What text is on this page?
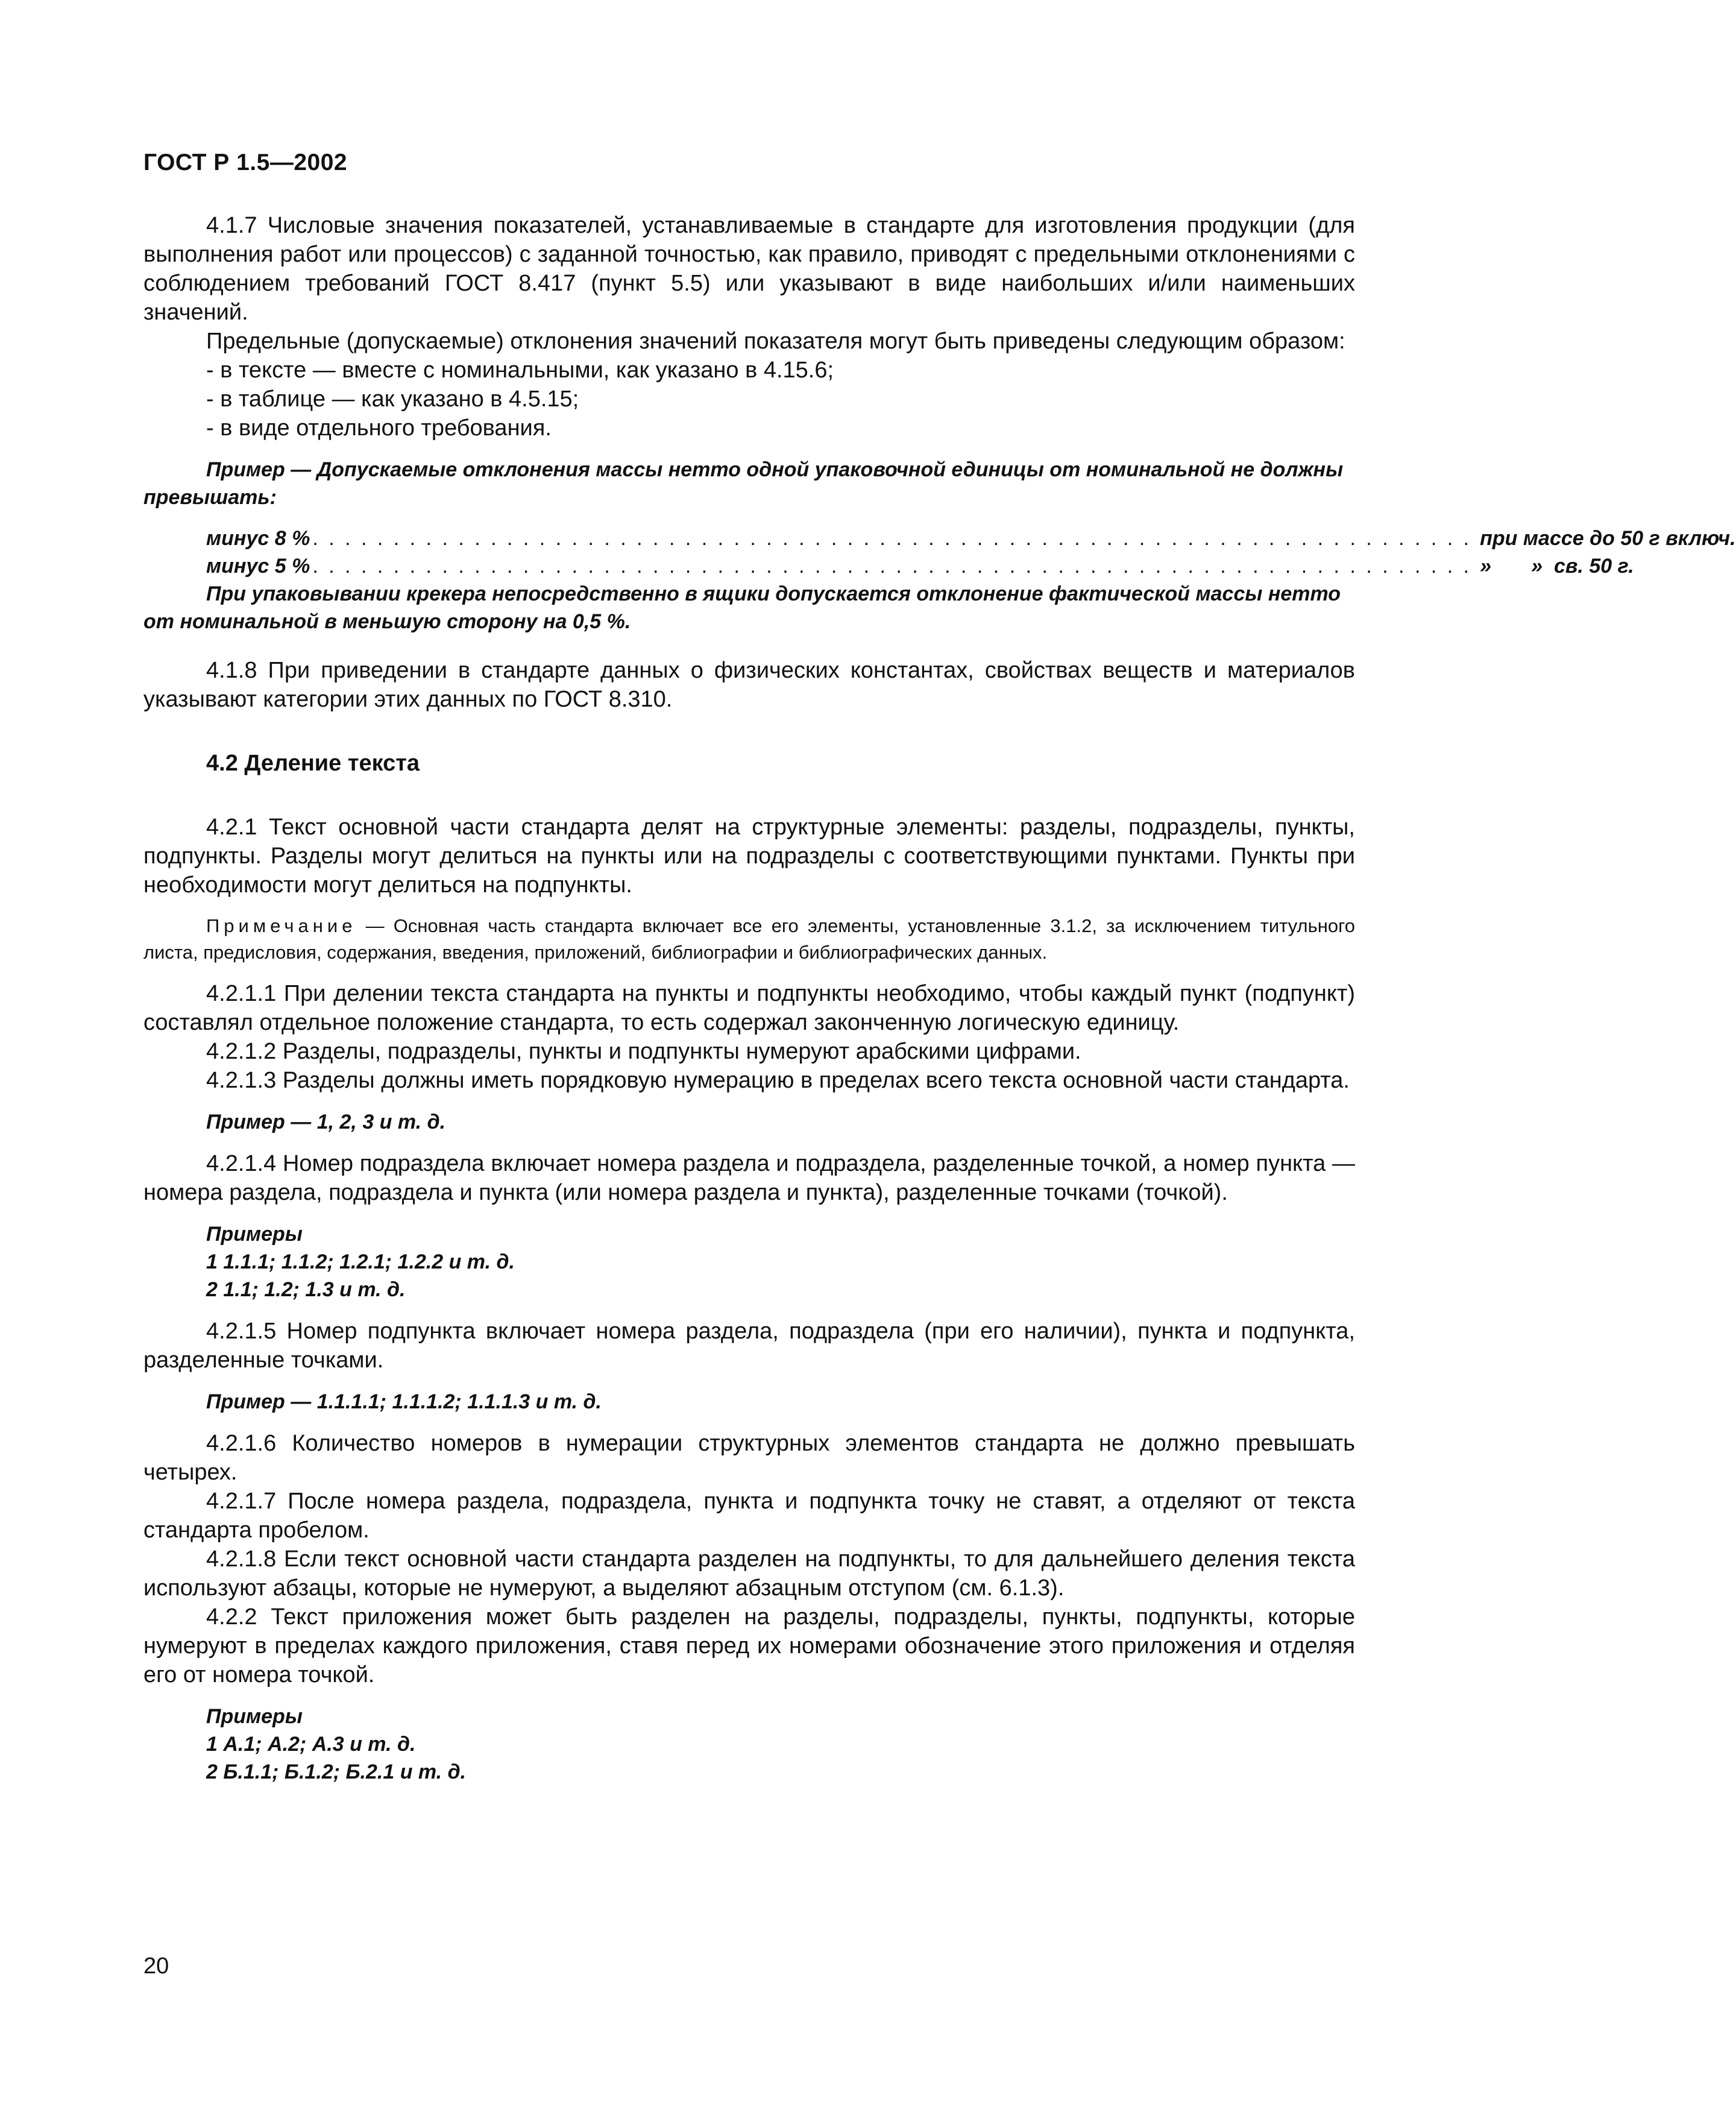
ГОСТ Р 1.5—2002

4.1.7 Числовые значения показателей, устанавливаемые в стандарте для изготовления продукции (для выполнения работ или процессов) с заданной точностью, как правило, приводят с предельными отклонениями с соблюдением требований ГОСТ 8.417 (пункт 5.5) или указывают в виде наибольших и/или наименьших значений.

Предельные (допускаемые) отклонения значений показателя могут быть приведены следующим образом:

- в тексте — вместе с номинальными, как указано в 4.15.6;

- в таблице — как указано в 4.5.15;

- в виде отдельного требования.

Пример — Допускаемые отклонения массы нетто одной упаковочной единицы от номинальной не должны превышать:

минус 8 % . . . . . . . . . . . . . . . . . . . . . . . . . . . . . . . . . . . . . . . . . . . . . . . . . . . . . . . . . . . . . . . . . . . . . . . . при массе до 50 г включ.
минус 5 % . . . . . . . . . . . . . . . . . . . . . . . . . . . . . . . . . . . . . . . . . . . . . . . . . . . . . . . . . . . . . . . . . . . . . . . . »       »  св. 50 г.

При упаковывании крекера непосредственно в ящики допускается отклонение фактической массы нетто от номинальной в меньшую сторону на 0,5 %.

4.1.8 При приведении в стандарте данных о физических константах, свойствах веществ и материалов указывают категории этих данных по ГОСТ 8.310.

4.2 Деление текста

4.2.1 Текст основной части стандарта делят на структурные элементы: разделы, подразделы, пункты, подпункты. Разделы могут делиться на пункты или на подразделы с соответствующими пунктами. Пункты при необходимости могут делиться на подпункты.

Примечание — Основная часть стандарта включает все его элементы, установленные 3.1.2, за исключением титульного листа, предисловия, содержания, введения, приложений, библиографии и библиографических данных.

4.2.1.1 При делении текста стандарта на пункты и подпункты необходимо, чтобы каждый пункт (подпункт) составлял отдельное положение стандарта, то есть содержал законченную логическую единицу.

4.2.1.2 Разделы, подразделы, пункты и подпункты нумеруют арабскими цифрами.

4.2.1.3 Разделы должны иметь порядковую нумерацию в пределах всего текста основной части стандарта.

Пример — 1, 2, 3 и т. д.

4.2.1.4 Номер подраздела включает номера раздела и подраздела, разделенные точкой, а номер пункта — номера раздела, подраздела и пункта (или номера раздела и пункта), разделенные точками (точкой).

Примеры

1 1.1.1; 1.1.2; 1.2.1; 1.2.2 и т. д.

2 1.1; 1.2; 1.3 и т. д.

4.2.1.5 Номер подпункта включает номера раздела, подраздела (при его наличии), пункта и подпункта, разделенные точками.

Пример — 1.1.1.1; 1.1.1.2; 1.1.1.3 и т. д.

4.2.1.6 Количество номеров в нумерации структурных элементов стандарта не должно превышать четырех.

4.2.1.7 После номера раздела, подраздела, пункта и подпункта точку не ставят, а отделяют от текста стандарта пробелом.

4.2.1.8 Если текст основной части стандарта разделен на подпункты, то для дальнейшего деления текста используют абзацы, которые не нумеруют, а выделяют абзацным отступом (см. 6.1.3).

4.2.2 Текст приложения может быть разделен на разделы, подразделы, пункты, подпункты, которые нумеруют в пределах каждого приложения, ставя перед их номерами обозначение этого приложения и отделяя его от номера точкой.

Примеры

1 А.1; А.2; А.3 и т. д.

2 Б.1.1; Б.1.2; Б.2.1 и т. д.

20
